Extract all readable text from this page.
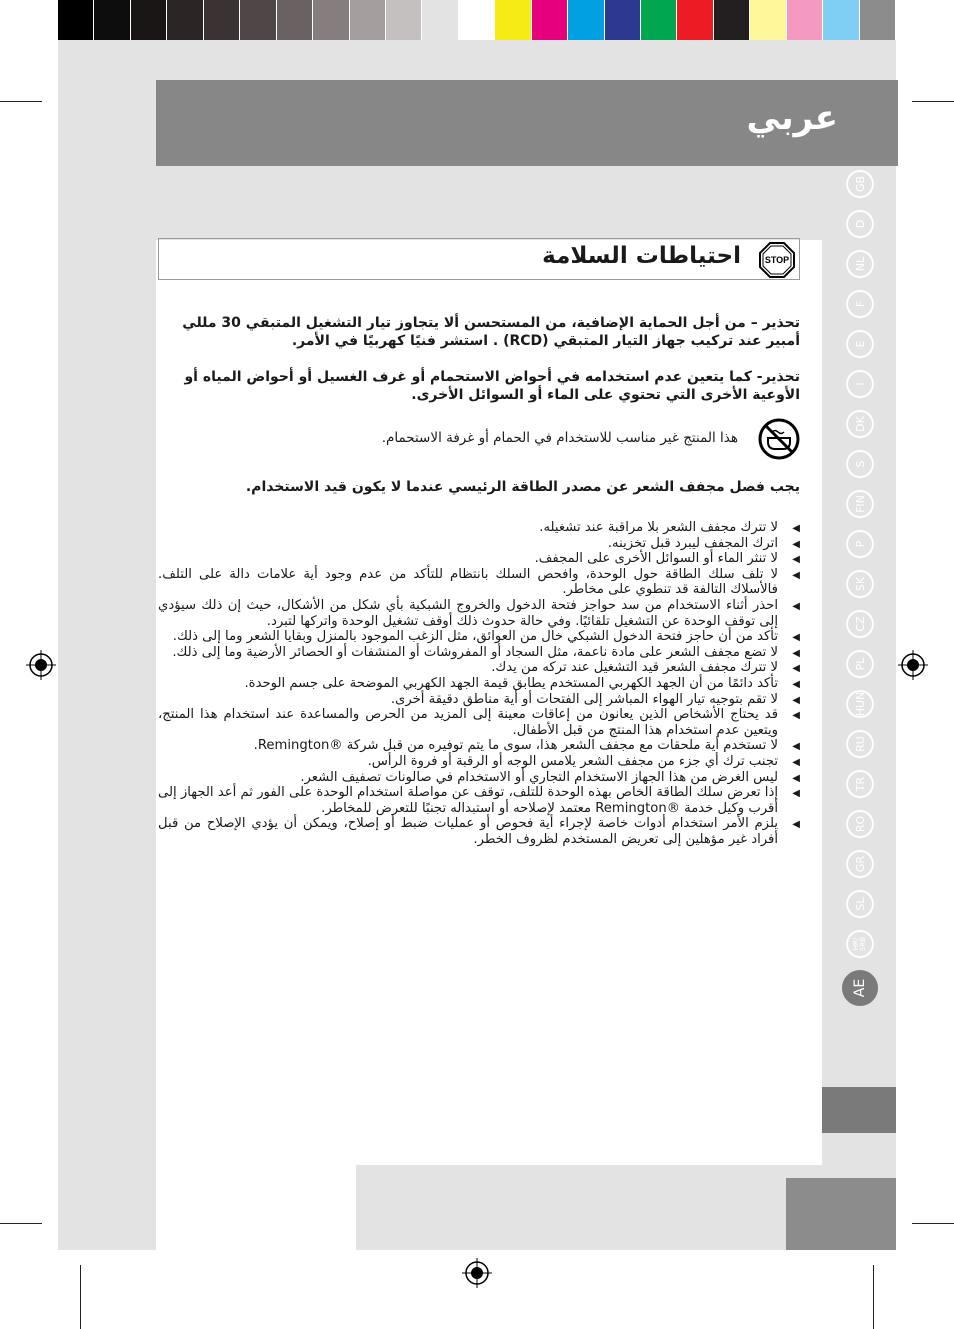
عربي
GB
D
NL
F
E
I
DK
S
FIN
P
SK
CZ
PL
HUN
RU
TR
RO
GR
SL
HR/ SRB
AE
STOP
احتياطات السلامة

تحذير – من أجل الحماية الإضافية، من المستحسن ألا يتجاوز تيار التشغيل المتبقي 30 مللي أمبير عند تركيب جهاز التيار المتبقي (RCD) . استشر فنيًا كهربيًا في الأمر.

تحذير- كما يتعين عدم استخدامه في أحواض الاستحمام أو غرف الغسيل أو أحواض المياه أو الأوعية الأخرى التي تحتوي على الماء أو السوائل الأخرى.

هذا المنتج غير مناسب للاستخدام في الحمام أو غرفة الاستحمام.

يجب فصل مجفف الشعر عن مصدر الطاقة الرئيسي عندما لا يكون قيد الاستخدام.

◀ لا تترك مجفف الشعر بلا مراقبة عند تشغيله.
◀ اترك المجفف ليبرد قبل تخزينه.
◀ لا تنثر الماء أو السوائل الأخرى على المجفف.
◀ لا تلف سلك الطاقة حول الوحدة، وافحص السلك بانتظام للتأكد من عدم وجود أية علامات دالة على التلف. فالأسلاك التالفة قد تنطوي على مخاطر.
◀ احذر أثناء الاستخدام من سد حواجز فتحة الدخول والخروج الشبكية بأي شكل من الأشكال، حيث إن ذلك سيؤدي إلى توقف الوحدة عن التشغيل تلقائيًا. وفي حالة حدوث ذلك أوقف تشغيل الوحدة واتركها لتبرد.
◀ تأكد من أن حاجز فتحة الدخول الشبكي خال من العوائق، مثل الزغب الموجود بالمنزل وبقايا الشعر وما إلى ذلك.
◀ لا تضع مجفف الشعر على مادة ناعمة، مثل السجاد أو المفروشات أو المنشفات أو الحصائر الأرضية وما إلى ذلك.
◀ لا تترك مجفف الشعر قيد التشغيل عند تركه من يدك.
◀ تأكد دائمًا من أن الجهد الكهربي المستخدم يطابق قيمة الجهد الكهربي الموضحة على جسم الوحدة.
◀ لا تقم بتوجيه تيار الهواء المباشر إلى الفتحات أو أية مناطق دقيقة أخرى.
◀ قد يحتاج الأشخاص الذين يعانون من إعاقات معينة إلى المزيد من الحرص والمساعدة عند استخدام هذا المنتج، ويتعين عدم استخدام هذا المنتج من قبل الأطفال.
◀ لا تستخدم أية ملحقات مع مجفف الشعر هذا، سوى ما يتم توفيره من قبل شركة ®Remington.
◀ تجنب ترك أي جزء من مجفف الشعر يلامس الوجه أو الرقبة أو فروة الرأس.
◀ ليس الغرض من هذا الجهاز الاستخدام التجاري أو الاستخدام في صالونات تصفيف الشعر.
◀ إذا تعرض سلك الطاقة الخاص بهذه الوحدة للتلف، توقف عن مواصلة استخدام الوحدة على الفور ثم أعد الجهاز إلى أقرب وكيل خدمة ®Remington معتمد لإصلاحه أو استبداله تجنبًا للتعرض للمخاطر.
◀ يلزم الأمر استخدام أدوات خاصة لإجراء أية فحوص أو عمليات ضبط أو إصلاح، ويمكن أن يؤدي الإصلاح من قبل أفراد غير مؤهلين إلى تعريض المستخدم لظروف الخطر.
